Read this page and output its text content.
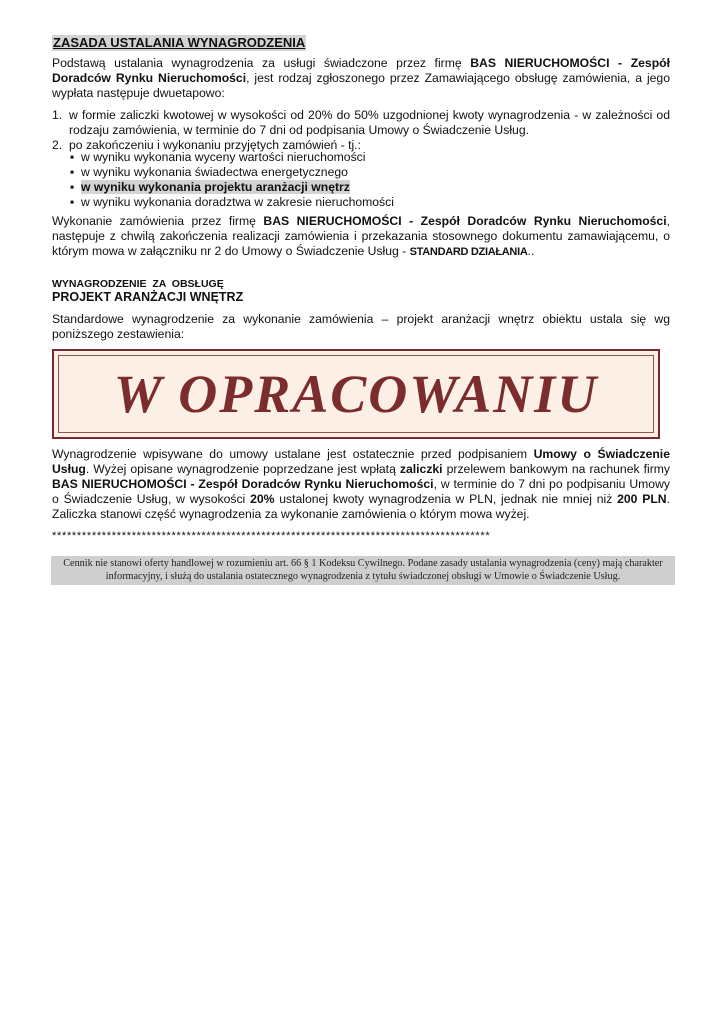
ZASADA USTALANIA WYNAGRODZENIA

Podstawą ustalania wynagrodzenia za usługi świadczone przez firmę BAS NIERUCHOMOŚCI - Zespół Doradców Rynku Nieruchomości, jest rodzaj zgłoszonego przez Zamawiającego obsługę zamówienia, a jego wypłata następuje dwuetapowo:

1. w formie zaliczki kwotowej w wysokości od 20% do 50% uzgodnionej kwoty wynagrodzenia - w zależności od rodzaju zamówienia, w terminie do 7 dni od podpisania Umowy o Świadczenie Usług.
2. po zakończeniu i wykonaniu przyjętych zamówień - tj.:
▪ w wyniku wykonania wyceny wartości nieruchomości
▪ w wyniku wykonania świadectwa energetycznego
▪ w wyniku wykonania projektu aranżacji wnętrz
▪ w wyniku wykonania doradztwa w zakresie nieruchomości

Wykonanie zamówienia przez firmę BAS NIERUCHOMOŚCI - Zespół Doradców Rynku Nieruchomości, następuje z chwilą zakończenia realizacji zamówienia i przekazania stosownego dokumentu zamawiającemu, o którym mowa w załączniku nr 2 do Umowy o Świadczenie Usług - STANDARD DZIAŁANIA..

WYNAGRODZENIE  ZA  OBSŁUGĘ
PROJEKT ARANŻACJI WNĘTRZ

Standardowe wynagrodzenie za wykonanie zamówienia – projekt aranżacji wnętrz obiektu ustala się wg poniższego zestawienia:

W OPRACOWANIU

Wynagrodzenie wpisywane do umowy ustalane jest ostatecznie przed podpisaniem Umowy o Świadczenie Usług. Wyżej opisane wynagrodzenie poprzedzane jest wpłatą zaliczki przelewem bankowym na rachunek firmy BAS NIERUCHOMOŚCI - Zespół Doradców Rynku Nieruchomości, w terminie do 7 dni po podpisaniu Umowy o Świadczenie Usług, w wysokości 20% ustalonej kwoty wynagrodzenia w PLN, jednak nie mniej niż 200 PLN. Zaliczka stanowi część wynagrodzenia za wykonanie zamówienia o którym mowa wyżej.

****************************************************************************************
Cennik nie stanowi oferty handlowej w rozumieniu art. 66 § 1 Kodeksu Cywilnego. Podane zasady ustalania wynagrodzenia (ceny) mają charakter informacyjny, i służą do ustalania ostatecznego wynagrodzenia z tytułu świadczonej obsługi w Umowie o Świadczenie Usług.
